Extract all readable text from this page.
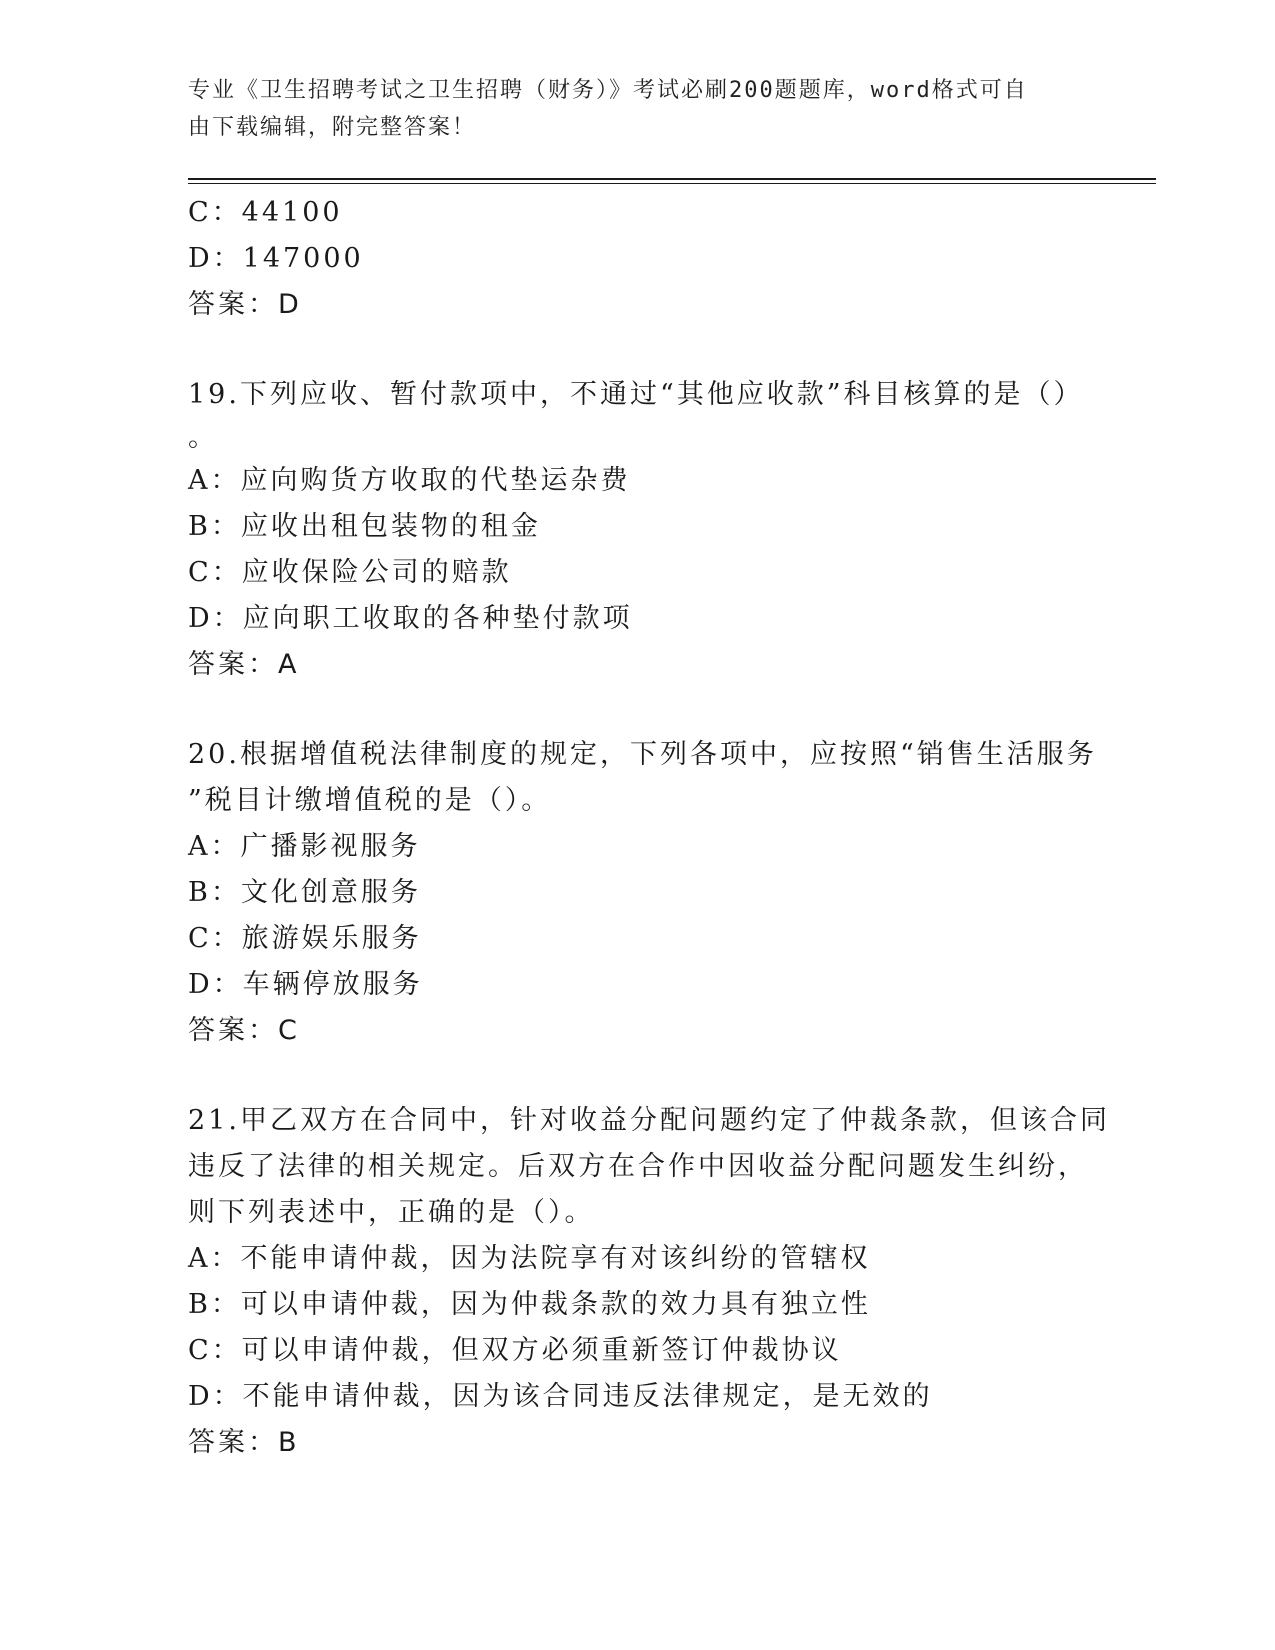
专业《卫生招聘考试之卫生招聘（财务）》考试必刷200题题库，word格式可自
由下载编辑，附完整答案！
C：44100
D：147000
答案：D
19.下列应收、暂付款项中，不通过“其他应收款”科目核算的是（）
。
A：应向购货方收取的代垫运杂费
B：应收出租包装物的租金
C：应收保险公司的赔款
D：应向职工收取的各种垫付款项
答案：A
20.根据增值税法律制度的规定，下列各项中，应按照“销售生活服务
”税目计缴增值税的是（）。
A：广播影视服务
B：文化创意服务
C：旅游娱乐服务
D：车辆停放服务
答案：C
21.甲乙双方在合同中，针对收益分配问题约定了仲裁条款，但该合同
违反了法律的相关规定。后双方在合作中因收益分配问题发生纠纷，
则下列表述中，正确的是（）。
A：不能申请仲裁，因为法院享有对该纠纷的管辖权
B：可以申请仲裁，因为仲裁条款的效力具有独立性
C：可以申请仲裁，但双方必须重新签订仲裁协议
D：不能申请仲裁，因为该合同违反法律规定，是无效的
答案：B
